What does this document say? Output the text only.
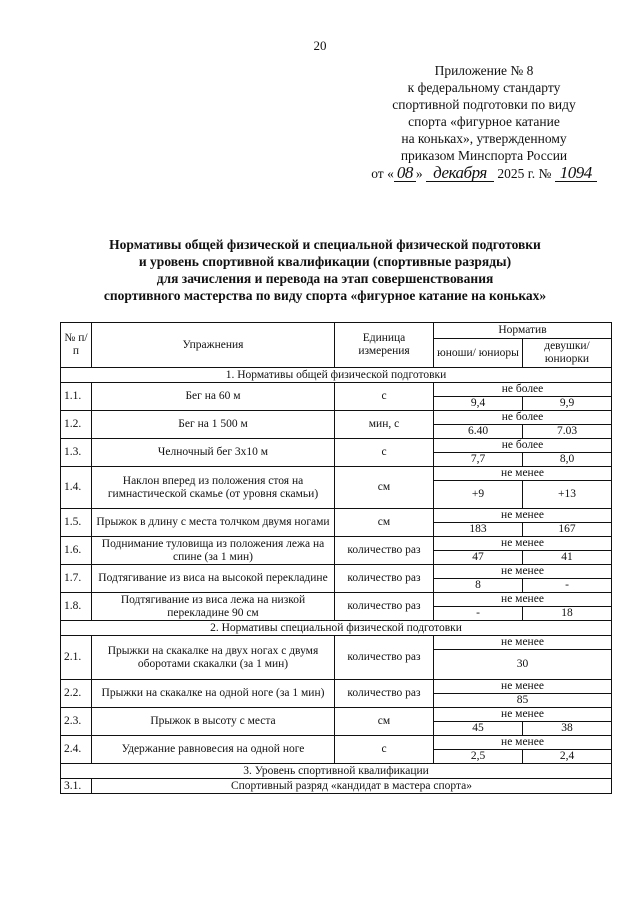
20
Приложение № 8
к федеральному стандарту
спортивной подготовки по виду
спорта «фигурное катание
на коньках», утвержденному
приказом Минспорта России
от « 08 » декабря 2025 г. № 1094
Нормативы общей физической и специальной физической подготовки
и уровень спортивной квалификации (спортивные разряды)
для зачисления и перевода на этап совершенствования
спортивного мастерства по виду спорта «фигурное катание на коньках»
№ п/п	Упражнения	Единица измерения	Норматив	
			юноши/ юниоры	девушки/ юниорки
1. Нормативы общей физической подготовки				
1.1.	Бег на 60 м	с	не более	
			9,4	9,9
1.2.	Бег на 1 500 м	мин, с	не более	
			6.40	7.03
1.3.	Челночный бег 3х10 м	с	не более	
			7,7	8,0
1.4.	Наклон вперед из положения стоя на гимнастической скамье (от уровня скамьи)	см	не менее	
			+9	+13
1.5.	Прыжок в длину с места толчком двумя ногами	см	не менее	
			183	167
1.6.	Поднимание туловища из положения лежа на спине (за 1 мин)	количество раз	не менее	
			47	41
1.7.	Подтягивание из виса на высокой перекладине	количество раз	не менее	
			8	-
1.8.	Подтягивание из виса лежа на низкой перекладине 90 см	количество раз	не менее	
			-	18
2. Нормативы специальной физической подготовки				
2.1.	Прыжки на скакалке на двух ногах с двумя оборотами скакалки (за 1 мин)	количество раз	не менее	
			30	
2.2.	Прыжки на скакалке на одной ноге (за 1 мин)	количество раз	не менее	
			85	
2.3.	Прыжок в высоту с места	см	не менее	
			45	38
2.4.	Удержание равновесия на одной ноге	с	не менее	
			2,5	2,4
3. Уровень спортивной квалификации				
3.1.	Спортивный разряд «кандидат в мастера спорта»			
